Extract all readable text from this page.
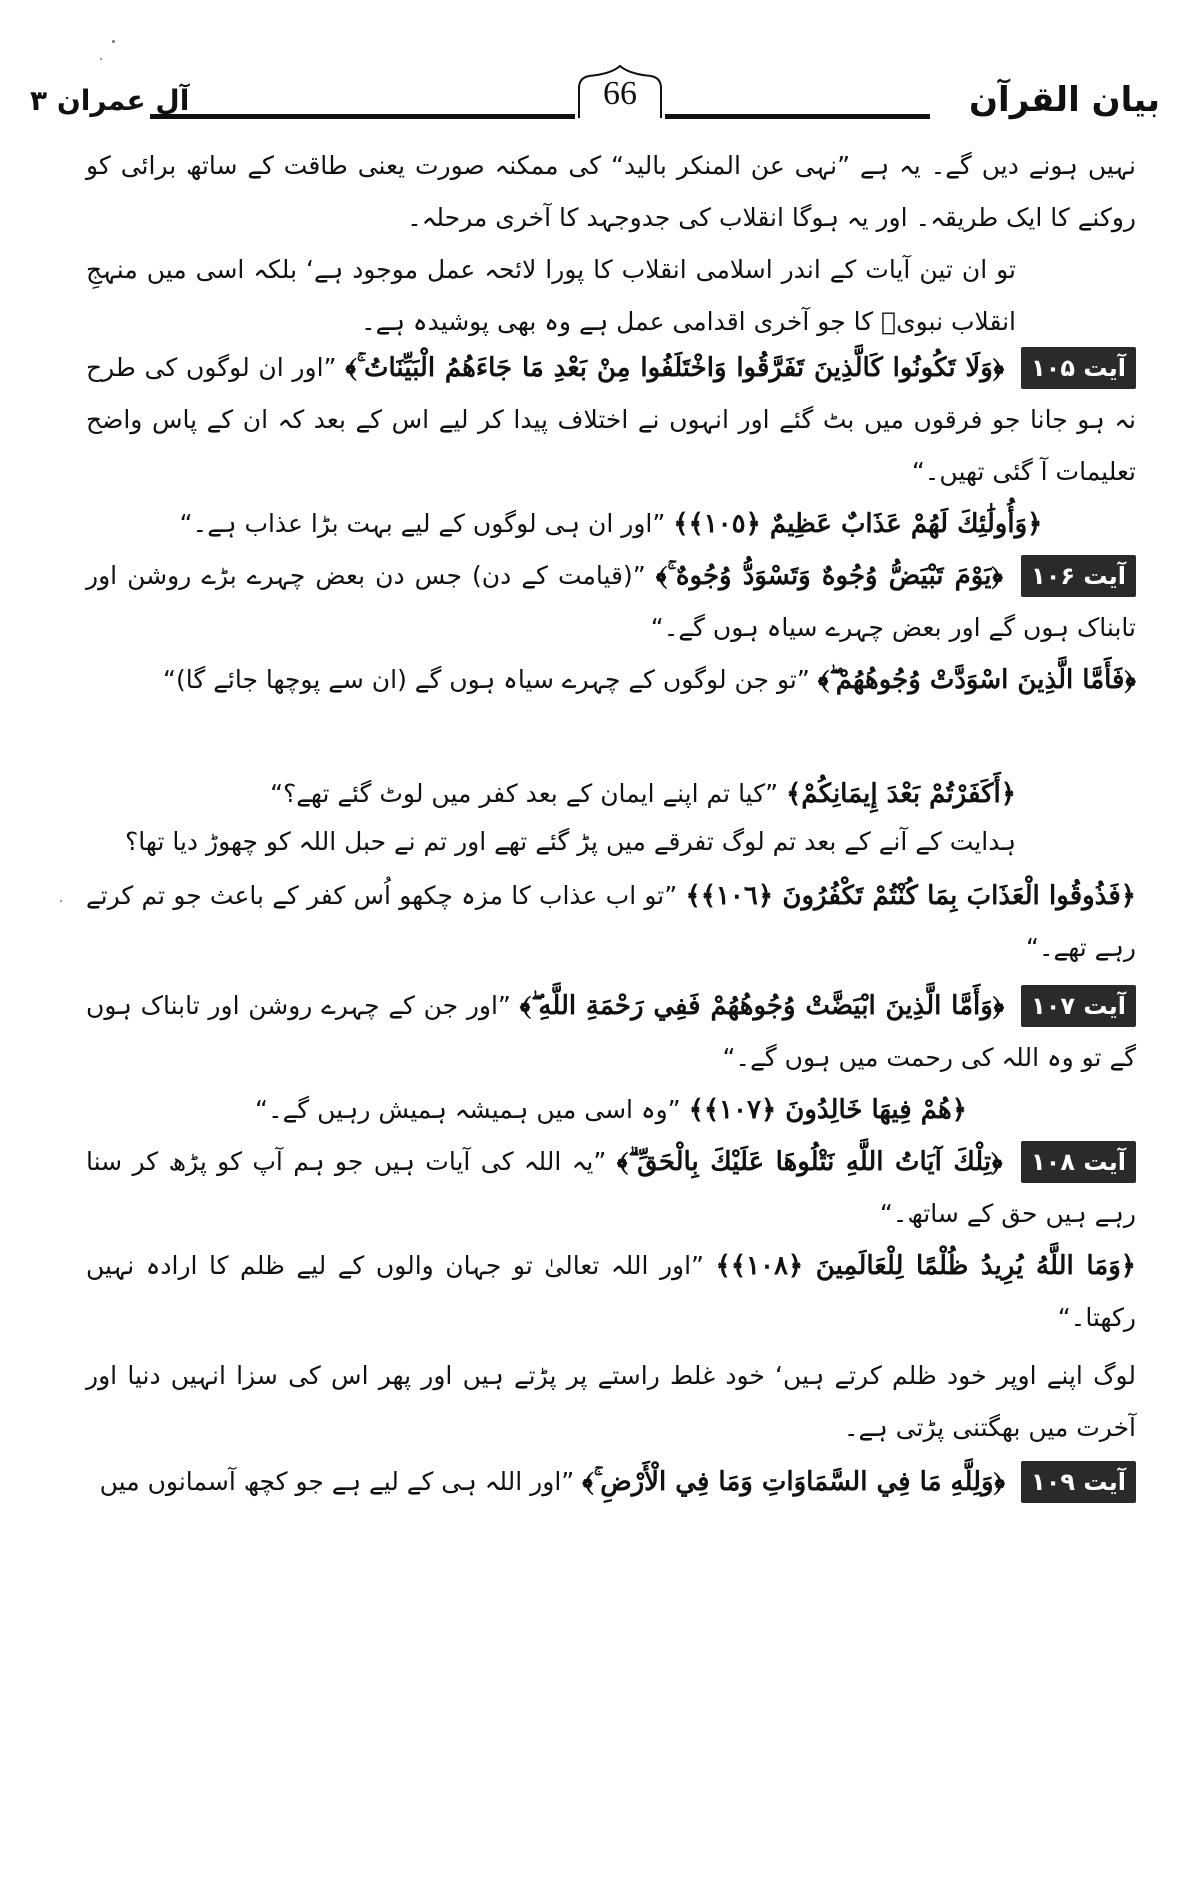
بیان القرآن
آل عمران ۳	66

نہیں ہونے دیں گے۔ یہ ہے ”نہی عن المنکر بالید“ کی ممکنہ صورت یعنی طاقت کے ساتھ برائی کو روکنے کا ایک طریقہ۔ اور یہ ہوگا انقلاب کی جدوجہد کا آخری مرحلہ۔

تو ان تین آیات کے اندر اسلامی انقلاب کا پورا لائحہ عمل موجود ہے‘ بلکہ اسی میں منہجِ انقلاب نبویؐ کا جو آخری اقدامی عمل ہے وہ بھی پوشیدہ ہے۔

آیت ۱۰۵ ﴿وَلَا تَكُونُوا كَالَّذِينَ تَفَرَّقُوا وَاخْتَلَفُوا مِنْ بَعْدِ مَا جَاءَهُمُ الْبَيِّنَاتُ ۚ﴾ ”اور ان لوگوں کی طرح نہ ہو جانا جو فرقوں میں بٹ گئے اور انہوں نے اختلاف پیدا کر لیے اس کے بعد کہ ان کے پاس واضح تعلیمات آ گئی تھیں۔“

﴿وَأُولَٰئِكَ لَهُمْ عَذَابٌ عَظِيمٌ ﴿١٠٥﴾﴾ ”اور ان ہی لوگوں کے لیے بہت بڑا عذاب ہے۔“

آیت ۱۰۶ ﴿يَوْمَ تَبْيَضُّ وُجُوهٌ وَتَسْوَدُّ وُجُوهٌ ۚ﴾ ”(قیامت کے دن) جس دن بعض چہرے بڑے روشن اور تابناک ہوں گے اور بعض چہرے سیاہ ہوں گے۔“

﴿فَأَمَّا الَّذِينَ اسْوَدَّتْ وُجُوهُهُمْ ۖ﴾ ”تو جن لوگوں کے چہرے سیاہ ہوں گے (ان سے پوچھا جائے گا)“

﴿أَكَفَرْتُمْ بَعْدَ إِيمَانِكُمْ﴾ ”کیا تم اپنے ایمان کے بعد کفر میں لوٹ گئے تھے؟“

ہدایت کے آنے کے بعد تم لوگ تفرقے میں پڑ گئے تھے اور تم نے حبل اللہ کو چھوڑ دیا تھا؟

﴿فَذُوقُوا الْعَذَابَ بِمَا كُنْتُمْ تَكْفُرُونَ ﴿١٠٦﴾﴾ ”تو اب عذاب کا مزہ چکھو اُس کفر کے باعث جو تم کرتے رہے تھے۔“

آیت ۱۰۷ ﴿وَأَمَّا الَّذِينَ ابْيَضَّتْ وُجُوهُهُمْ فَفِي رَحْمَةِ اللَّهِ ۖ﴾ ”اور جن کے چہرے روشن اور تابناک ہوں گے تو وہ اللہ کی رحمت میں ہوں گے۔“

﴿هُمْ فِيهَا خَالِدُونَ ﴿١٠٧﴾﴾ ”وہ اسی میں ہمیشہ ہمیش رہیں گے۔“

آیت ۱۰۸ ﴿تِلْكَ آيَاتُ اللَّهِ نَتْلُوهَا عَلَيْكَ بِالْحَقِّ ۗ﴾ ”یہ اللہ کی آیات ہیں جو ہم آپ کو پڑھ کر سنا رہے ہیں حق کے ساتھ۔“

﴿وَمَا اللَّهُ يُرِيدُ ظُلْمًا لِلْعَالَمِينَ ﴿١٠٨﴾﴾ ”اور اللہ تعالیٰ تو جہان والوں کے لیے ظلم کا ارادہ نہیں رکھتا۔“

لوگ اپنے اوپر خود ظلم کرتے ہیں‘ خود غلط راستے پر پڑتے ہیں اور پھر اس کی سزا انہیں دنیا اور آخرت میں بھگتنی پڑتی ہے۔

آیت ۱۰۹ ﴿وَلِلَّهِ مَا فِي السَّمَاوَاتِ وَمَا فِي الْأَرْضِ ۚ﴾ ”اور اللہ ہی کے لیے ہے جو کچھ آسمانوں میں
